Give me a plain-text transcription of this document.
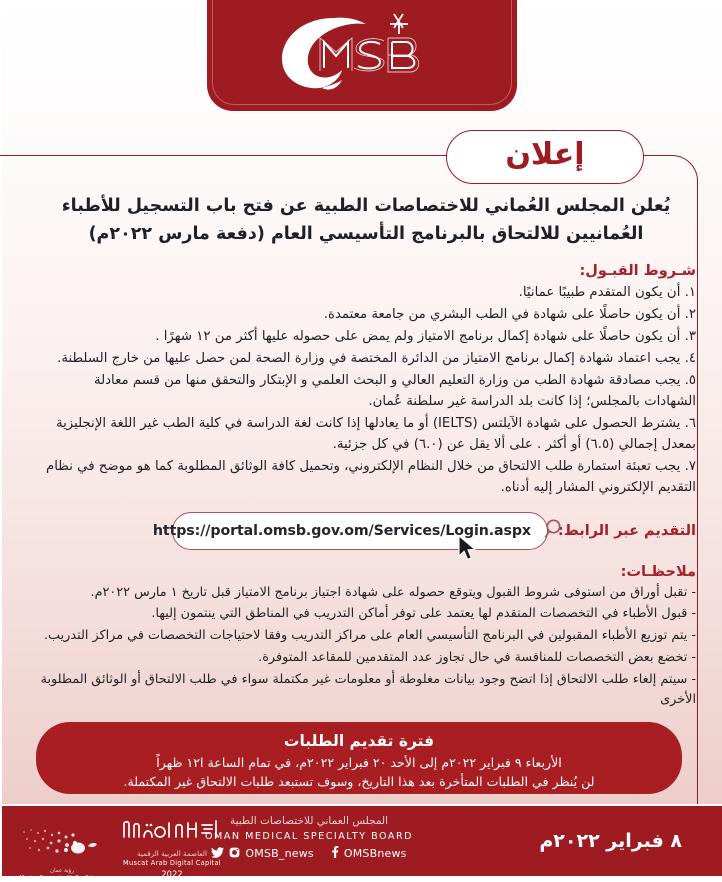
إعلان
يُعلن المجلس العُماني للاختصاصات الطبية عن فتح باب التسجيل للأطباء العُمانيين للالتحاق بالبرنامج التأسيسي العام (دفعة مارس ٢٠٢٢م)
شـروط القبـول:
١. أن يكون المتقدم طبيبًا عمانيًا.
٢. أن يكون حاصلًا على شهادة في الطب البشري من جامعة معتمدة.
٣. أن يكون حاصلًا على شهادة إكمال برنامج الامتياز ولم يمض على حصوله عليها أكثر من ١٢ شهرًا .
٤. يجب اعتماد شهادة إكمال برنامج الامتياز من الدائرة المختصة في وزارة الصحة لمن حصل عليها من خارج السلطنة.
٥. يجب مصادقة شهادة الطب من وزارة التعليم العالي و البحث العلمي و الإبتكار والتحقق منها من قسم معادلة الشهادات بالمجلس؛ إذا كانت بلد الدراسة غير سلطنة عُمان.
٦. يشترط الحصول على شهادة الآيلتس (IELTS) أو ما يعادلها إذا كانت لغة الدراسة في كلية الطب غير اللغة الإنجليزية بمعدل إجمالي (٦.٥) أو أكثر . على ألا يقل عن (٦.٠) في كل جزئية.
٧. يجب تعبئة استمارة طلب الالتحاق من خلال النظام الإلكتروني، وتحميل كافة الوثائق المطلوبة كما هو موضح في نظام التقديم الإلكتروني المشار إليه أدناه.
التقديم عبر الرابط:
https://portal.omsb.gov.om/Services/Login.aspx
ملاحظـات:
- تقبل أوراق من استوفى شروط القبول ويتوقع حصوله على شهادة اجتياز برنامج الامتياز قبل تاريخ ١ مارس ٢٠٢٢م.
- قبول الأطباء في التخصصات المتقدم لها يعتمد على توفر أماكن التدريب في المناطق التي ينتمون إليها.
- يتم توزيع الأطباء المقبولين في البرنامج التأسيسي العام على مراكز التدريب وفقا لاحتياجات التخصصات في مراكز التدريب.
- تخضع بعض التخصصات للمنافسة في حال تجاوز عدد المتقدمين للمقاعد المتوفرة.
- سيتم إلغاء طلب الالتحاق إذا اتضح وجود بيانات مغلوطة أو معلومات غير مكتملة سواء في طلب الالتحاق أو الوثائق المطلوبة الأخرى
فترة تقديم الطلبات
الأربعاء ٩ فبراير ٢٠٢٢م إلى الأحد ٢٠ فبراير ٢٠٢٢م، في تمام الساعة ا١٢ ظهراً
لن يُنظر في الطلبات المتأخرة بعد هذا التاريخ، وسوف تستبعد طلبات الالتحاق غير المكتملة.
٨ فبراير ٢٠٢٢م
المجلس العماني للاختصاصات الطبية
OMAN MEDICAL SPECIALTY BOARD
OMSB_news	OMSBnews
العاصمة العربية الرقمية
Muscat Arab Digital Capital
2022
رؤية عمان
Moving Forward with Confidence
